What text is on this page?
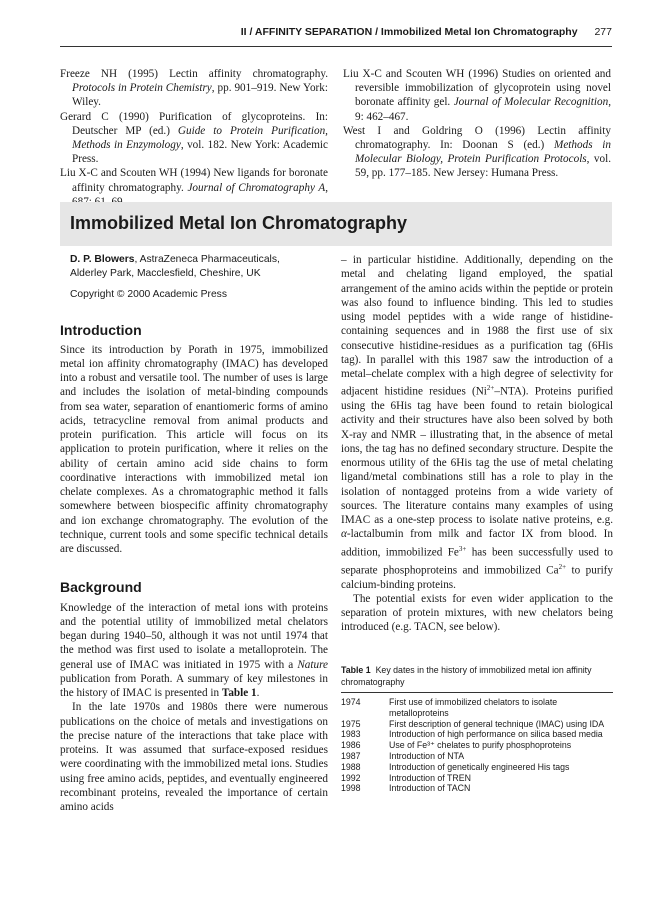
II / AFFINITY SEPARATION / Immobilized Metal Ion Chromatography 277

Freeze NH (1995) Lectin affinity chromatography. Protocols in Protein Chemistry, pp. 901–919. New York: Wiley.

Gerard C (1990) Purification of glycoproteins. In: Deutscher MP (ed.) Guide to Protein Purification, Methods in Enzymology, vol. 182. New York: Academic Press.

Liu X-C and Scouten WH (1994) New ligands for boronate affinity chromatography. Journal of Chromatography A,

Liu X-C and Scouten WH (1996) Studies on oriented and reversible immobilization of glycoprotein using novel boronate affinity gel. Journal of Molecular Recognition, 9: 462–467.

West I and Goldring O (1996) Lectin affinity chromatography. In: Doonan S (ed.) Methods in Molecular Biology, Protein Purification Protocols, vol. 59, pp. 177–185. New Jersey: Humana Press.

Immobilized Metal Ion Chromatography
D. P. Blowers, AstraZeneca Pharmaceuticals,
Alderley Park, Macclesfield, Cheshire, UK
Copyright © 2000 Academic Press
Introduction

Since its introduction by Porath in 1975, immobilized metal ion affinity chromatography (IMAC) has developed into a robust and versatile tool. The number of uses is large and includes the isolation of metal-binding compounds from sea water, separation of enantiomeric forms of amino acids, tetracycline removal from animal products and protein purification. This article will focus on its application to protein purification, where it relies on the ability of certain amino acid side chains to form coordinative interactions with immobilized metal ion chelate complexes. As a chromatographic method it falls somewhere between biospecific affinity chromatography and ion exchange chromatography. The evolution of the technique, current tools and some specific technical details are discussed.

Background

Knowledge of the interaction of metal ions with proteins and the potential utility of immobilized metal chelators began during 1940–50, although it was not until 1974 that the method was first used to isolate a metalloprotein. The general use of IMAC was initiated in 1975 with a Nature publication from Porath. A summary of key milestones in the history of IMAC is presented in Table 1.

In the late 1970s and 1980s there were numerous publications on the choice of metals and investigations on the precise nature of the interactions that take place with proteins. It was assumed that surface-exposed residues were coordinating with the immobilized metal ions. Studies using free amino acids, peptides, and eventually engineered recombinant proteins, revealed the importance of certain amino acids

– in particular histidine. Additionally, depending on the metal and chelating ligand employed, the spatial arrangement of the amino acids within the peptide or protein was also found to influence binding. This led to studies using model peptides with a wide range of histidine-containing sequences and in 1988 the first use of six consecutive histidine-residues as a purification tag (6His tag). In parallel with this 1987 saw the introduction of a metal–chelate complex with a high degree of selectivity for adjacent histidine residues $(Ni^{2+}-NTA)$. Proteins purified using the 6His tag have been found to retain biological activity and their structures have also been solved by both X-ray and NMR – illustrating that, in the absence of metal ions, the tag has no defined secondary structure. Despite the enormous utility of the 6His tag the use of metal chelating ligand/metal combinations still has a role to play in the isolation of nontagged proteins from a wide variety of sources. The literature contains many examples of using IMAC as a one-step process to isolate native proteins, e.g. α-lactalbumin from milk and factor IX from blood. In addition, immobilized $Fe^{3+}$ has been successfully used to separate phosphoproteins and immobilized $Ca^{2+}$ to purify calcium-binding proteins.

The potential exists for even wider application to the separation of protein mixtures, with new chelators being introduced (e.g. TACN, see below).

Table 1 Key dates in the history of immobilized metal ion affinity chromatography

1974	First use of immobilized chelators to isolate metalloproteins
1975	First description of general technique (IMAC) using IDA
1983	Introduction of high performance on silica based media
1986	Use of Fe³⁺ chelates to purify phosphoproteins
1987	Introduction of NTA
1988	Introduction of genetically engineered His tags
1992	Introduction of TREN
1998	Introduction of TACN
